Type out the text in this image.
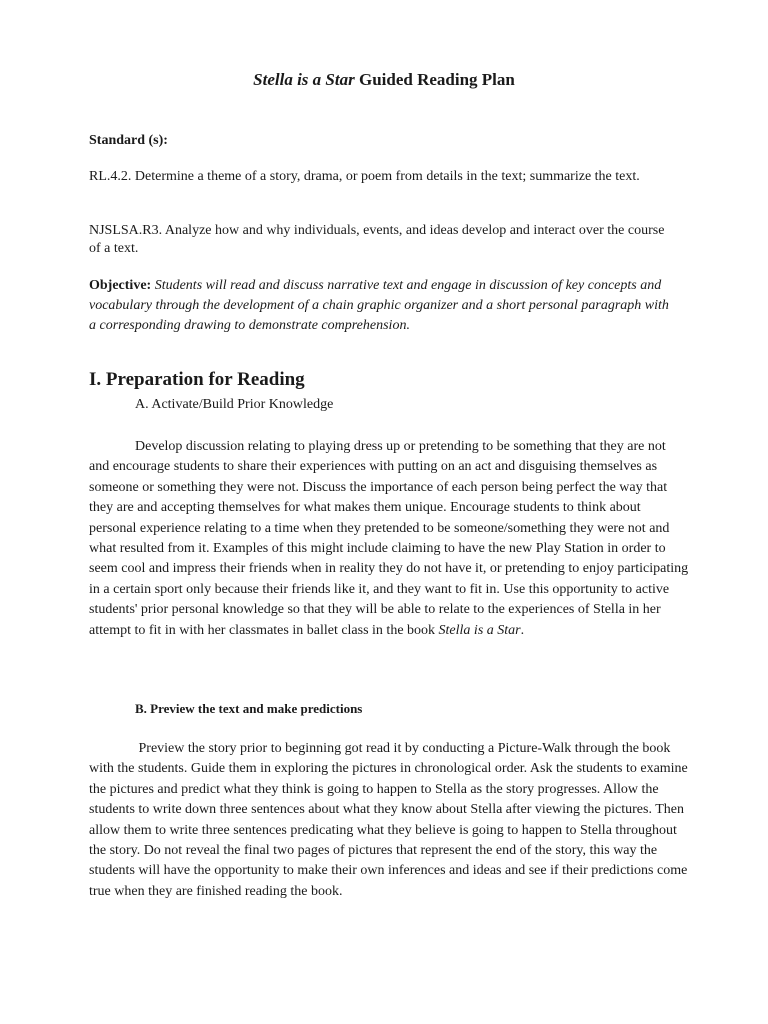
Stella is a Star Guided Reading Plan
Standard (s):
RL.4.2. Determine a theme of a story, drama, or poem from details in the text; summarize the text.
NJSLSA.R3. Analyze how and why individuals, events, and ideas develop and interact over the course of a text.
Objective: Students will read and discuss narrative text and engage in discussion of key concepts and vocabulary through the development of a chain graphic organizer and a short personal paragraph with a corresponding drawing to demonstrate comprehension.
I. Preparation for Reading
A. Activate/Build Prior Knowledge
Develop discussion relating to playing dress up or pretending to be something that they are not and encourage students to share their experiences with putting on an act and disguising themselves as someone or something they were not. Discuss the importance of each person being perfect the way that they are and accepting themselves for what makes them unique. Encourage students to think about personal experience relating to a time when they pretended to be someone/something they were not and what resulted from it. Examples of this might include claiming to have the new Play Station in order to seem cool and impress their friends when in reality they do not have it, or pretending to enjoy participating in a certain sport only because their friends like it, and they want to fit in. Use this opportunity to active students' prior personal knowledge so that they will be able to relate to the experiences of Stella in her attempt to fit in with her classmates in ballet class in the book Stella is a Star.
B. Preview the text and make predictions
Preview the story prior to beginning got read it by conducting a Picture-Walk through the book with the students. Guide them in exploring the pictures in chronological order. Ask the students to examine the pictures and predict what they think is going to happen to Stella as the story progresses. Allow the students to write down three sentences about what they know about Stella after viewing the pictures. Then allow them to write three sentences predicating what they believe is going to happen to Stella throughout the story. Do not reveal the final two pages of pictures that represent the end of the story, this way the students will have the opportunity to make their own inferences and ideas and see if their predictions come true when they are finished reading the book.
